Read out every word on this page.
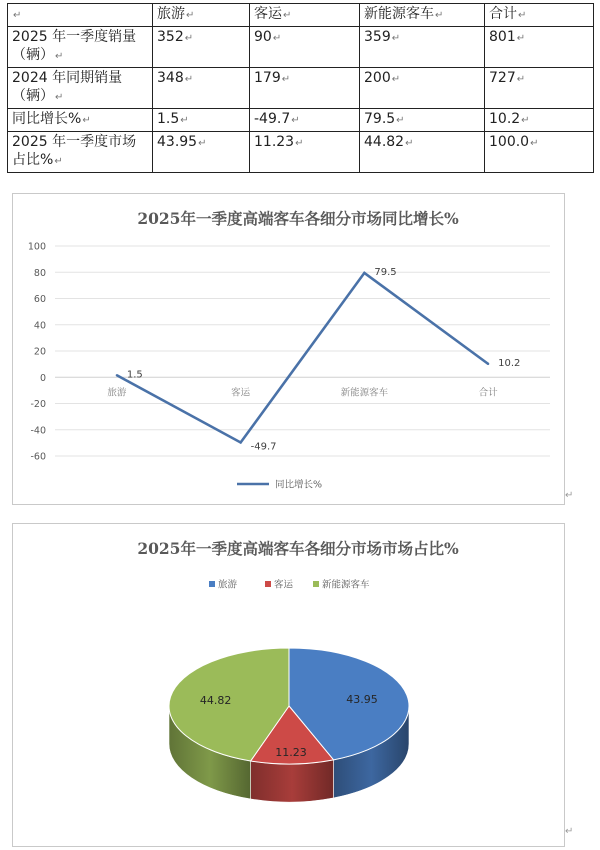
↵	旅游↵	客运↵	新能源客车↵	合计↵
2025 年一季度销量（辆）↵	352↵	90↵	359↵	801↵
2024 年同期销量（辆）↵	348↵	179↵	200↵	727↵
同比增长%↵	1.5↵	-49.7↵	79.5↵	10.2↵
2025 年一季度市场占比%↵	43.95↵	11.23↵	44.82↵	100.0↵
2025年一季度高端客车各细分市场同比增长%
100
80
60
40
20
0
-20
-40
-60
旅游	客运	新能源客车	合计
1.5
-49.7
79.5
10.2
同比增长%
2025年一季度高端客车各细分市场市场占比%
旅游	客运	新能源客车
43.95
11.23
44.82
↵
↵
